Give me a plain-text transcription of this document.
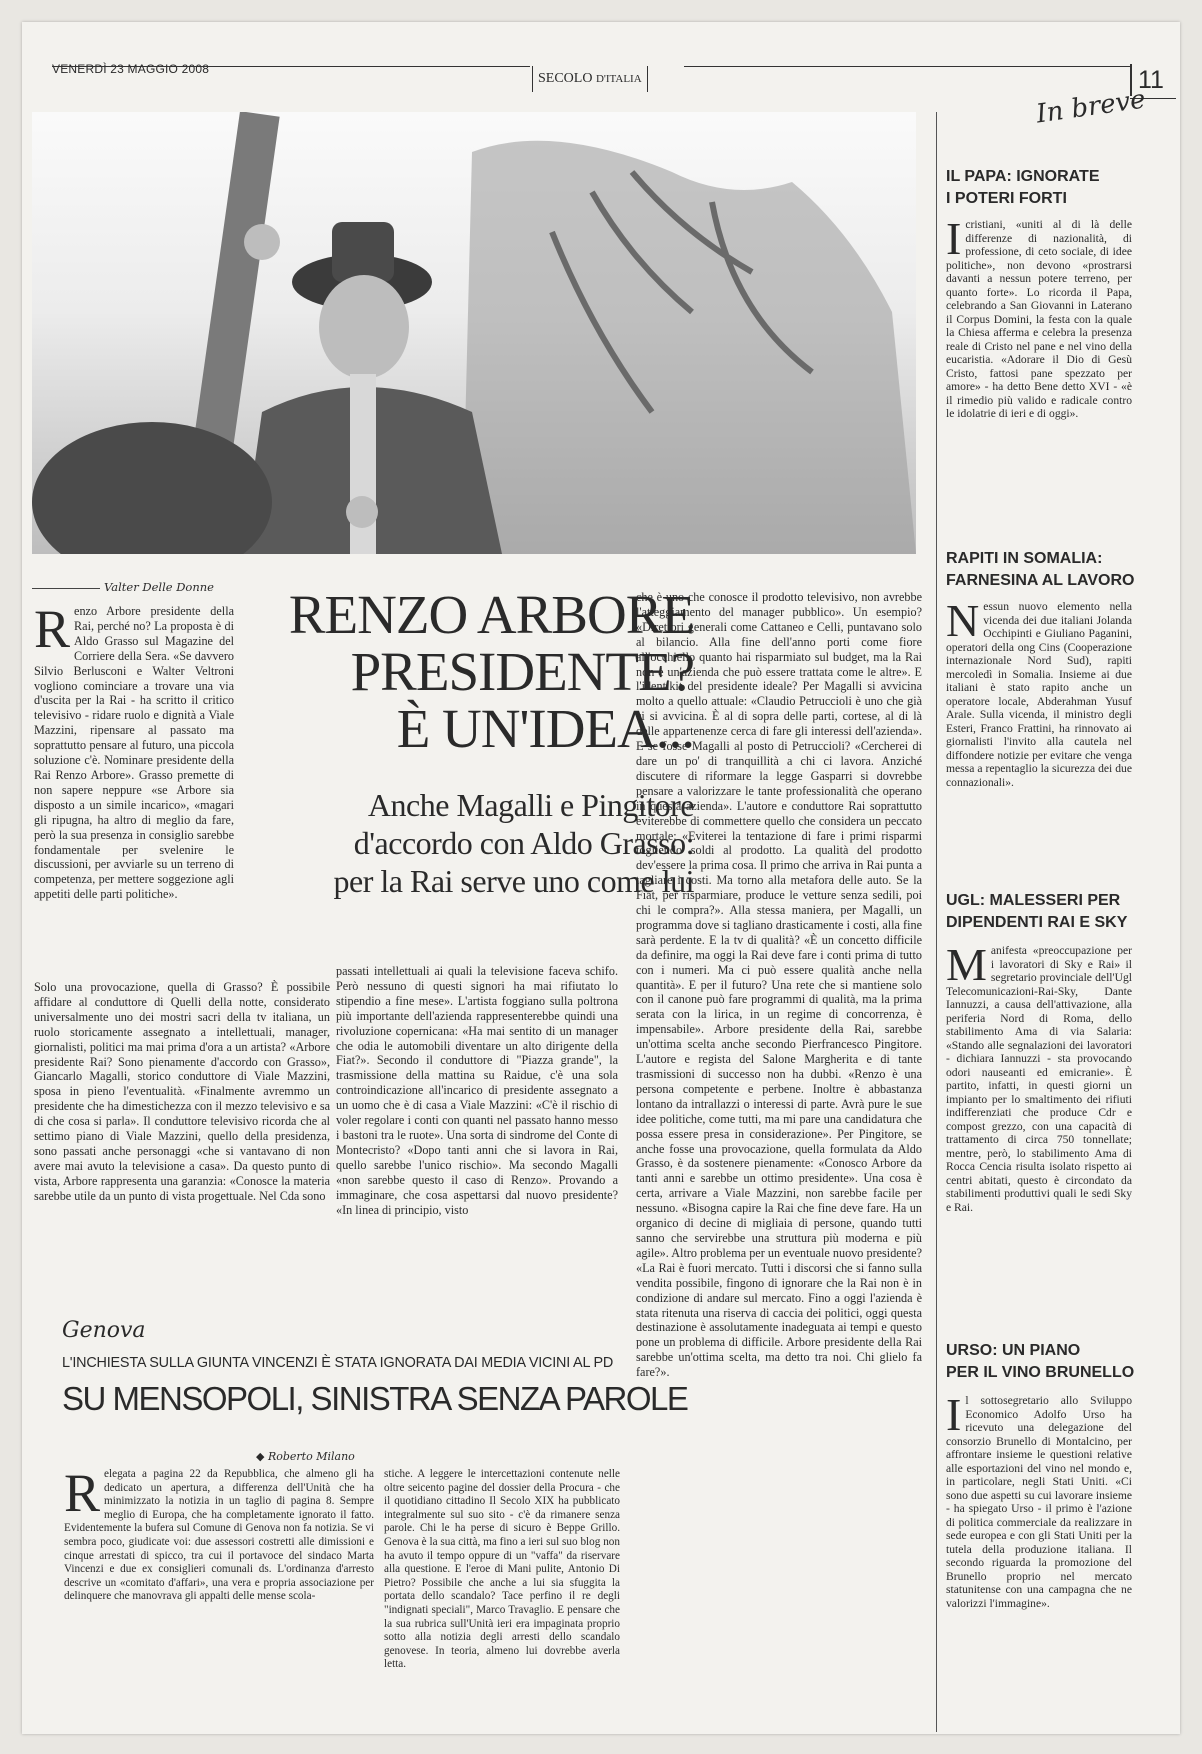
VENERDÌ 23 MAGGIO 2008
SECOLO D'ITALIA	11
Valter Delle Donne	RENZO ARBORE
PRESIDENTE?
È UN'IDEA...
Anche Magalli e Pingitore
d'accordo con Aldo Grasso:
per la Rai serve uno come lui
R enzo Arbore presidente della Rai, perché no? La proposta è di Aldo Grasso sul Magazine del Corriere della Sera. «Se davvero Silvio Berlusconi e Walter Veltroni vogliono cominciare a trovare una via d'uscita per la Rai - ha scritto il critico televisivo - ridare ruolo e dignità a Viale Mazzini, ripensare al passato ma soprattutto pensare al futuro, una piccola soluzione c'è. Nominare presidente della Rai Renzo Arbore». Grasso premette di non sapere neppure «se Arbore sia disposto a un simile incarico», «magari gli ripugna, ha altro di meglio da fare, però la sua presenza in consiglio sarebbe fondamentale per svelenire le discussioni, per avviarle su un terreno di competenza, per mettere soggezione agli appetiti delle parti politiche».

Solo una provocazione, quella di Grasso? È possibile affidare al conduttore di Quelli della notte, considerato universalmente uno dei mostri sacri della tv italiana, un ruolo storicamente assegnato a intellettuali, manager, giornalisti, politici ma mai prima d'ora a un artista? «Arbore presidente Rai? Sono pienamente d'accordo con Grasso», Giancarlo Magalli, storico conduttore di Viale Mazzini, sposa in pieno l'eventualità. «Finalmente avremmo un presidente che ha dimestichezza con il mezzo televisivo e sa di che cosa si parla». Il conduttore televisivo ricorda che al settimo piano di Viale Mazzini, quello della presidenza, sono passati anche personaggi «che si vantavano di non avere mai avuto la televisione a casa». Da questo punto di vista, Arbore rappresenta una garanzia: «Conosce la materia sarebbe utile da un punto di vista progettuale. Nel Cda sono

passati intellettuali ai quali la televisione faceva schifo. Però nessuno di questi signori ha mai rifiutato lo stipendio a fine mese». L'artista foggiano sulla poltrona più importante dell'azienda rappresenterebbe quindi una rivoluzione copernicana: «Ha mai sentito di un manager che odia le automobili diventare un alto dirigente della Fiat?». Secondo il conduttore di "Piazza grande", la trasmissione della mattina su Raidue, c'è una sola controindicazione all'incarico di presidente assegnato a un uomo che è di casa a Viale Mazzini: «C'è il rischio di voler regolare i conti con quanti nel passato hanno messo i bastoni tra le ruote». Una sorta di sindrome del Conte di Montecristo? «Dopo tanti anni che si lavora in Rai, quello sarebbe l'unico rischio». Ma secondo Magalli «non sarebbe questo il caso di Renzo». Provando a immaginare, che cosa aspettarsi dal nuovo presidente? «In linea di principio, visto

che è uno che conosce il prodotto televisivo, non avrebbe l'atteggiamento del manager pubblico». Un esempio? «Direttori generali come Cattaneo e Celli, puntavano solo al bilancio. Alla fine dell'anno porti come fiore all'occhiello quanto hai risparmiato sul budget, ma la Rai non è un'azienda che può essere trattata come le altre». E l'identikit del presidente ideale? Per Magalli si avvicina molto a quello attuale: «Claudio Petruccioli è uno che già ci si avvicina. È al di sopra delle parti, cortese, al di là delle appartenenze cerca di fare gli interessi dell'azienda». E se fosse Magalli al posto di Petruccioli? «Cercherei di dare un po' di tranquillità a chi ci lavora. Anziché discutere di riformare la legge Gasparri si dovrebbe pensare a valorizzare le tante professionalità che operano in questa azienda». L'autore e conduttore Rai soprattutto eviterebbe di commettere quello che considera un peccato mortale: «Eviterei la tentazione di fare i primi risparmi togliendo soldi al prodotto. La qualità del prodotto dev'essere la prima cosa. Il primo che arriva in Rai punta a tagliare i costi. Ma torno alla metafora delle auto. Se la Fiat, per risparmiare, produce le vetture senza sedili, poi chi le compra?». Alla stessa maniera, per Magalli, un programma dove si tagliano drasticamente i costi, alla fine sarà perdente. E la tv di qualità? «È un concetto difficile da definire, ma oggi la Rai deve fare i conti prima di tutto con i numeri. Ma ci può essere qualità anche nella quantità». E per il futuro? Una rete che si mantiene solo con il canone può fare programmi di qualità, ma la prima serata con la lirica, in un regime di concorrenza, è impensabile». Arbore presidente della Rai, sarebbe un'ottima scelta anche secondo Pierfrancesco Pingitore. L'autore e regista del Salone Margherita e di tante trasmissioni di successo non ha dubbi. «Renzo è una persona competente e perbene. Inoltre è abbastanza lontano da intrallazzi o interessi di parte. Avrà pure le sue idee politiche, come tutti, ma mi pare una candidatura che possa essere presa in considerazione». Per Pingitore, se anche fosse una provocazione, quella formulata da Aldo Grasso, è da sostenere pienamente: «Conosco Arbore da tanti anni e sarebbe un ottimo presidente». Una cosa è certa, arrivare a Viale Mazzini, non sarebbe facile per nessuno. «Bisogna capire la Rai che fine deve fare. Ha un organico di decine di migliaia di persone, quando tutti sanno che servirebbe una struttura più moderna e più agile». Altro problema per un eventuale nuovo presidente? «La Rai è fuori mercato. Tutti i discorsi che si fanno sulla vendita possibile, fingono di ignorare che la Rai non è in condizione di andare sul mercato. Fino a oggi l'azienda è stata ritenuta una riserva di caccia dei politici, oggi questa destinazione è assolutamente inadeguata ai tempi e questo pone un problema di difficile. Arbore presidente della Rai sarebbe un'ottima scelta, ma detto tra noi. Chi glielo fa fare?».

In breve
IL PAPA: IGNORATE
I POTERI FORTI
I cristiani, «uniti al di là delle differenze di nazionalità, di professione, di ceto sociale, di idee politiche», non devono «prostrarsi davanti a nessun potere terreno, per quanto forte». Lo ricorda il Papa, celebrando a San Giovanni in Laterano il Corpus Domini, la festa con la quale la Chiesa afferma e celebra la presenza reale di Cristo nel pane e nel vino della eucaristia. «Adorare il Dio di Gesù Cristo, fattosi pane spezzato per amore» - ha detto Bene detto XVI - «è il rimedio più valido e radicale contro le idolatrie di ieri e di oggi».
RAPITI IN SOMALIA:
FARNESINA AL LAVORO
Nessun nuovo elemento nella vicenda dei due italiani Jolanda Occhipinti e Giuliano Paganini, operatori della ong Cins (Cooperazione internazionale Nord Sud), rapiti mercoledì in Somalia. Insieme ai due italiani è stato rapito anche un operatore locale, Abderahman Yusuf Arale. Sulla vicenda, il ministro degli Esteri, Franco Frattini, ha rinnovato ai giornalisti l'invito alla cautela nel diffondere notizie per evitare che venga messa a repentaglio la sicurezza dei due connazionali».
UGL: MALESSERI PER
DIPENDENTI RAI E SKY
Manifesta «preoccupazione per i lavoratori di Sky e Rai» il segretario provinciale dell'Ugl Telecomunicazioni-Rai-Sky, Dante Iannuzzi, a causa dell'attivazione, alla periferia Nord di Roma, dello stabilimento Ama di via Salaria: «Stando alle segnalazioni dei lavoratori - dichiara Iannuzzi - sta provocando odori nauseanti ed emicranie». È partito, infatti, in questi giorni un impianto per lo smaltimento dei rifiuti indifferenziati che produce Cdr e compost grezzo, con una capacità di trattamento di circa 750 tonnellate; mentre, però, lo stabilimento Ama di Rocca Cencia risulta isolato rispetto ai centri abitati, questo è circondato da stabilimenti produttivi quali le sedi Sky e Rai.
URSO: UN PIANO
PER IL VINO BRUNELLO
Il sottosegretario allo Sviluppo Economico Adolfo Urso ha ricevuto una delegazione del consorzio Brunello di Montalcino, per affrontare insieme le questioni relative alle esportazioni del vino nel mondo e, in particolare, negli Stati Uniti. «Ci sono due aspetti su cui lavorare insieme - ha spiegato Urso - il primo è l'azione di politica commerciale da realizzare in sede europea e con gli Stati Uniti per la tutela della produzione italiana. Il secondo riguarda la promozione del Brunello proprio nel mercato statunitense con una campagna che ne valorizzi l'immagine».
Genova
L'INCHIESTA SULLA GIUNTA VINCENZI È STATA IGNORATA DAI MEDIA VICINI AL PD
SU MENSOPOLI, SINISTRA SENZA PAROLE
◆ Roberto Milano
R elegata a pagina 22 da Repubblica, che almeno gli ha dedicato un apertura, a differenza dell'Unità che ha minimizzato la notizia in un taglio di pagina 8. Sempre meglio di Europa, che ha completamente ignorato il fatto. Evidentemente la bufera sul Comune di Genova non fa notizia. Se vi sembra poco, giudicate voi: due assessori costretti alle dimissioni e cinque arrestati di spicco, tra cui il portavoce del sindaco Marta Vincenzi e due ex consiglieri comunali ds. L'ordinanza d'arresto descrive un «comitato d'affari», una vera e propria associazione per delinquere che manovrava gli appalti delle mense scola-

stiche. A leggere le intercettazioni contenute nelle oltre seicento pagine del dossier della Procura - che il quotidiano cittadino Il Secolo XIX ha pubblicato integralmente sul suo sito - c'è da rimanere senza parole. Chi le ha perse di sicuro è Beppe Grillo. Genova è la sua città, ma fino a ieri sul suo blog non ha avuto il tempo oppure di un "vaffa" da riservare alla questione. E l'eroe di Mani pulite, Antonio Di Pietro? Possibile che anche a lui sia sfuggita la portata dello scandalo? Tace perfino il re degli "indignati speciali", Marco Travaglio. E pensare che la sua rubrica sull'Unità ieri era impaginata proprio sotto alla notizia degli arresti dello scandalo genovese. In teoria, almeno lui dovrebbe averla letta.
